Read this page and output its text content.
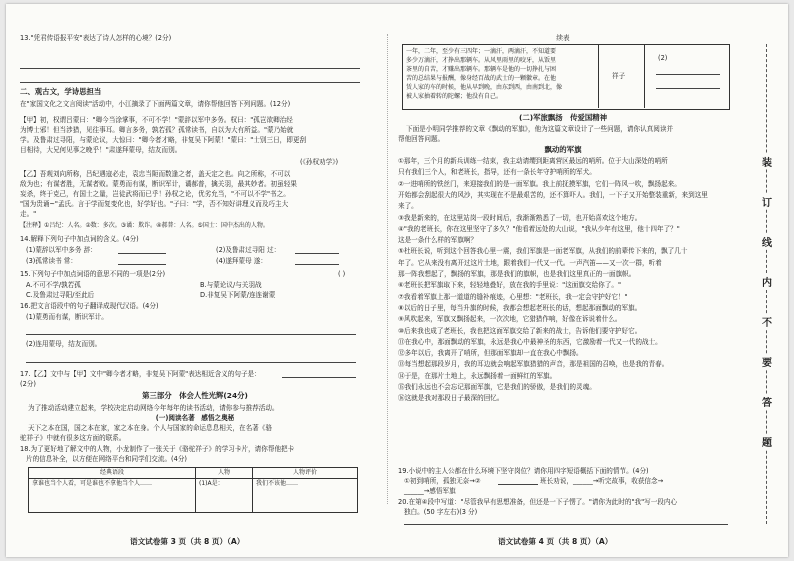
13."凭君传语报平安"表达了诗人怎样的心境？(2分)
二、观古文，学诗思担当
在"家国文化之文言阅读"活动中，小江摘录了下面两篇文章，请你帮他回答下列问题。(12分)
【甲】初，权谓吕蒙曰："卿今当涂掌事，不可不学！"蒙辞以军中多务。权曰："孤岂欲卿治经
为博士邪！但当涉猎，见往事耳。卿言多务，孰若孤？孤常读书，自以为大有所益。"蒙乃始就
学。及鲁肃过寻阳，与蒙论议，大惊曰："卿今者才略，非复吴下阿蒙！"蒙曰："士别三日，即更刮
目相待，大兄何见事之晚乎！"肃遂拜蒙母，结友而别。
(《孙权劝学》)
【乙】吾观刘向所称，吕纪遇寇必走，袁忠当阨而数逢之者，盖天定之也。向之所称，不可以
敌为也；有谋者胜，无谋者败。蒙勇而有谋，断识军计，谲郝普，擒关羽，最其妙者。初虽轻果
妄杀，终于克己，有国士之量，岂徒武将而已乎！孙权之论，优劣允当，"不可以不学"书之。
"国为贵诵~"孟氏。言于学而复变化也，好学好也。"子曰："学，否不知好讲理义而及巧主大
走。"
【注释】①吕纪：人名。②数：多次。③谲：欺诈。④郝普：人名。⑤国士：国中杰出的人物。
14.解释下列句子中加点词的含义。(4分)
(1)蒙辞以军中多务 辞：	(2)及鲁肃过寻阳 过：
(3)孤常读书 常：	(4)遂拜蒙母 遂：
15.下列句子中加点词语的意思不同的一项是(2分)	( )
A.不可不学/孰若孤	B.与蒙论议/与关羽战
C.及鲁肃过寻阳/至此后	D.非复吴下阿蒙/连连谢蒙
16.把文言语段中的句子翻译成现代汉语。(4分)
(1)蒙勇而有谋，断识军计。
(2)连用蒙母，结友而别。
17.【乙】文中与【甲】文中"卿今者才略，非复吴下阿蒙"表达相近含义的句子是：
(2分)
第三部分　体会人性光辉(24分)
为了推动活动建立起来，学校决定启动网络今年每年的读书活动，请你参与推荐活动。
(一)阅读名著　感悟之奥秘
天下之本在国，国之本在家，家之本在身。个人与国家的命运息息相关，在名著《骆
驼祥子》中就有很多这方面的联系。
18.为了更好地了解文中的人物，小龙制作了一张关于《骆驼祥子》的学习卡片，请你帮他把卡
片的信息补全，以方便在网络平台和同学们交流。(4分)
经典语段	人物	人物评价
拿谁也当个人看，可是谁也不拿他当个人……	(1)A是：	我们不该他……
语文试卷第 3 页（共 8 页）（A）
续表
一年，二年，至少有三四年；一滴汗，两滴汗，不知道要
多少万滴汗，才挣出那辆车。从风里雨里的咬牙，从饭里
茶里的自苦，才赚出那辆车。那辆车是他的一切挣扎与困
苦的总结果与报酬，像身经百战的武士的一颗徽章。在他
赁人家的车的时候，他从早到晚，由东到西，由南到北，像
被人家抽着转的陀螺；他没有自己。
祥子
(2)
(二)军旅飘扬　传爱国精神
下面是小明同学推荐的文章《飘动的军旗》，他为这篇文章设计了一些问题，请你认真阅读并
帮他回答问题。
飘动的军旗
①那年，三个月的新兵训练一结束，我主动请缨到距离营区最远的哨所。位于大山深处的哨所
只有我们三个人，和老班长，指导，还有一条长年守护哨所的军犬。
②一进哨所的铁丝门，来迎接我们的是一面军旗。我上前抚摸军旗，它们一阵风一吹，飘扬起来。
开始都会刮起很大的风沙，其实现在不是最艰苦的，还不算吓人。我们，一下子又开始整装重新，来到这里
来了。
③我是新来的，在这里站岗一段时间后，我渐渐熟悉了一切，也开始喜欢这个地方。
④"我的老班长，你在这里坚守了多久？"他看着远处的大山说，"我从少年有这里，他十四年了？"
这是一条什么样的军旗啊？
⑤杜班长说，听到这个回答我心里一震，我们军旗是一面老军旗，从我们的前辈传下来的，飘了几十
年了。它从来没有离开过这片土地，跟着我们一代又一代。一声汽笛——又一次一群，听着
那一阵我想起了，飘扬的军旗，那是我们的旗帜，也是我们这里真正的一面旗帜。
⑥老班长把军旗取下来，轻轻地叠好，放在我的手里说："这面旗交给你了。"
⑦我看着军旗上那一道道的缝补痕迹，心里想："老班长，我一定会守护好它！"
⑧以后的日子里，每当升旗的时候，我都会想起老班长的话，想起那面飘动的军旗。
⑨风吹起来，军旗又飘扬起来，一次次地，它猎猎作响，好像在诉说着什么。
⑩后来我也成了老班长，我也把这面军旗交给了新来的战士，告诉他们要守护好它。
⑪在我心中，那面飘动的军旗，永远是我心中最神圣的东西，它激励着一代又一代的战士。
⑫多年以后，我离开了哨所，但那面军旗却一直在我心中飘扬。
⑬每当想起那段岁月，我的耳边就会响起军旗猎猎的声音，那是祖国的召唤，也是我的青春。
⑭于是，在那片土地上，永远飘扬着一面鲜红的军旗。
⑮我们永远也不会忘记那面军旗，它是我们的骄傲，是我们的灵魂。
⑯这就是我对那段日子最深的回忆。
19.小说中的主人公都在什么环境下坚守岗位？请你用四字短语概括下面的情节。(4分)
①初到哨所，孤独无奈→②	班长劝说，______→听完故事，收获信念→
______→感悟军旗
20.在第④段中写道："尽管我早有思想准备，但还是一下子愣了。"请你为此时的"我"写一段内心
独白。(50 字左右)(3 分)
语文试卷第 4 页（共 8 页）（A）
装
订
线
内
不
要
答
题
